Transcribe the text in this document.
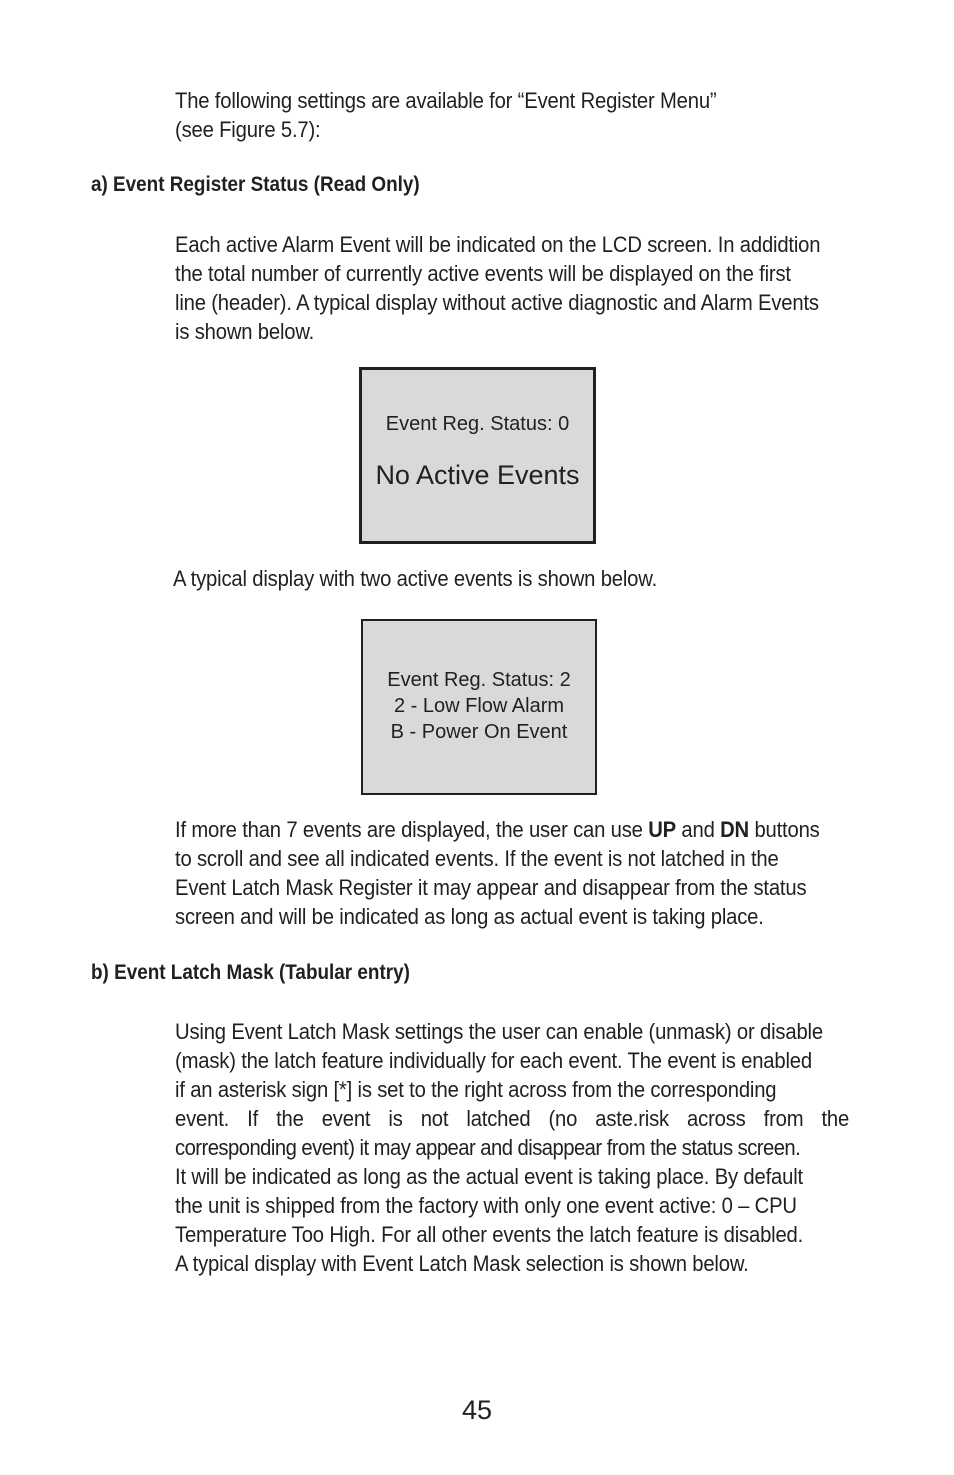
The following settings are available for “Event Register Menu”
(see Figure 5.7):
a) Event Register Status (Read Only)
Each active Alarm Event will be indicated on the LCD screen. In addidtion
the total number of currently active events will be displayed on the first
line (header). A typical display without active diagnostic and Alarm Events
is shown below.
Event Reg. Status: 0
No Active Events
A typical display with two active events is shown below.
Event Reg. Status: 2
2 - Low Flow Alarm
B - Power On Event
If more than 7 events are displayed, the user can use UP and DN buttons
to scroll and see all indicated events. If the event is not latched in the
Event Latch Mask Register it may appear and disappear from the status
screen and will be indicated as long as actual event is taking place.
b) Event Latch Mask (Tabular entry)
Using Event Latch Mask settings the user can enable (unmask) or disable
(mask) the latch feature individually for each event. The event is enabled
if an asterisk sign [*] is set to the right across from the corresponding
event. If the event is not latched (no aste.risk across from the
corresponding event) it may appear and disappear from the status screen.
It will be indicated as long as the actual event is taking place. By default
the unit is shipped from the factory with only one event active: 0 – CPU
Temperature Too High. For all other events the latch feature is disabled.
A typical display with Event Latch Mask selection is shown below.
45
